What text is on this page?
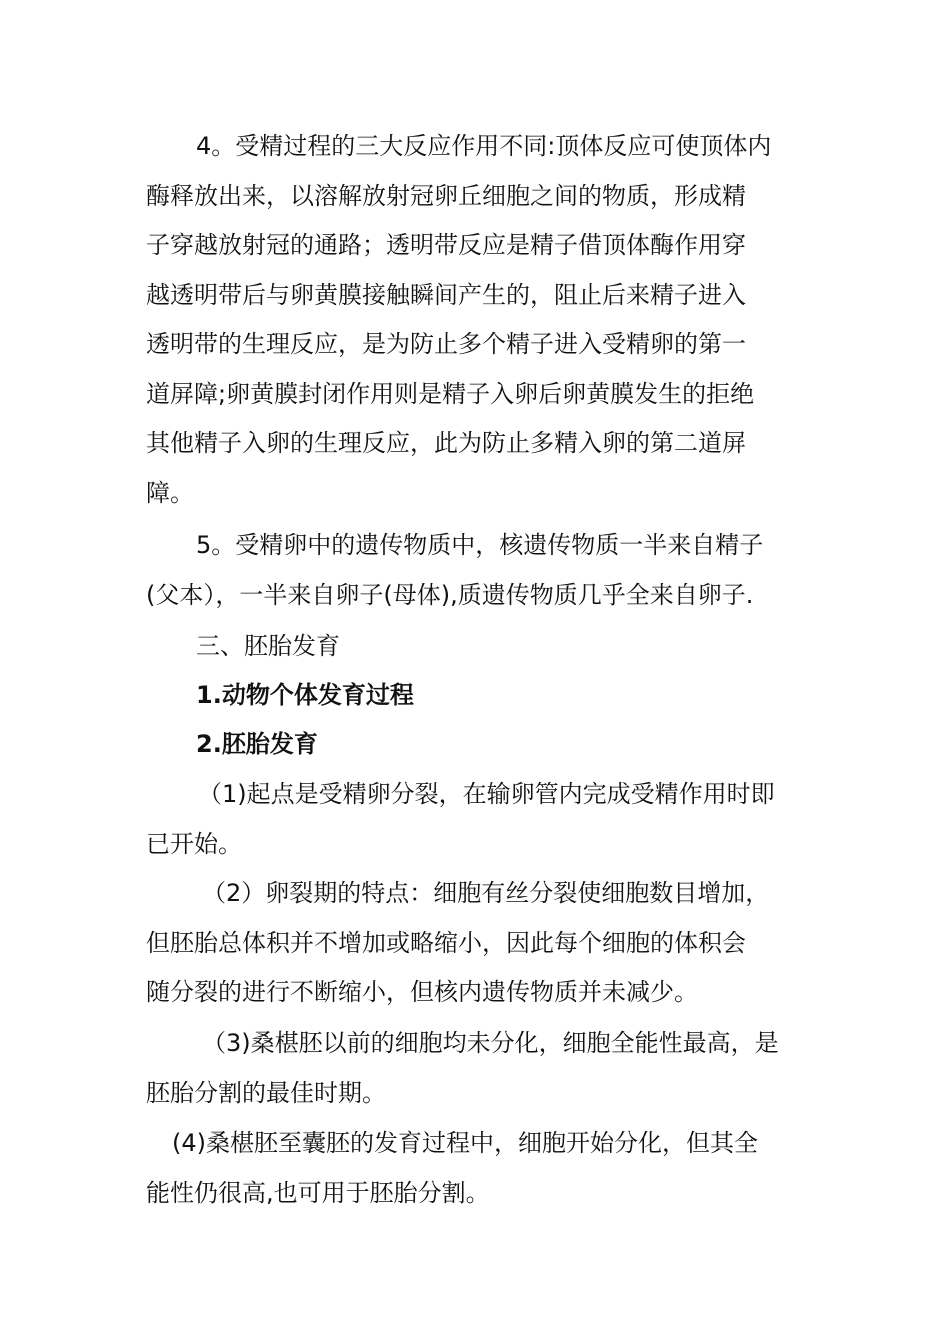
4。受精过程的三大反应作用不同:顶体反应可使顶体内
酶释放出来，以溶解放射冠卵丘细胞之间的物质，形成精
子穿越放射冠的通路；透明带反应是精子借顶体酶作用穿
越透明带后与卵黄膜接触瞬间产生的，阻止后来精子进入
透明带的生理反应，是为防止多个精子进入受精卵的第一
道屏障;卵黄膜封闭作用则是精子入卵后卵黄膜发生的拒绝
其他精子入卵的生理反应，此为防止多精入卵的第二道屏
障。
5。受精卵中的遗传物质中，核遗传物质一半来自精子
(父本），一半来自卵子(母体),质遗传物质几乎全来自卵子.
三、胚胎发育
1.动物个体发育过程
2.胚胎发育
（1)起点是受精卵分裂，在输卵管内完成受精作用时即
已开始。
（2）卵裂期的特点：细胞有丝分裂使细胞数目增加，
但胚胎总体积并不增加或略缩小，因此每个细胞的体积会
随分裂的进行不断缩小，但核内遗传物质并未减少。
（3)桑椹胚以前的细胞均未分化，细胞全能性最高，是
胚胎分割的最佳时期。
(4)桑椹胚至囊胚的发育过程中，细胞开始分化，但其全
能性仍很高,也可用于胚胎分割。
